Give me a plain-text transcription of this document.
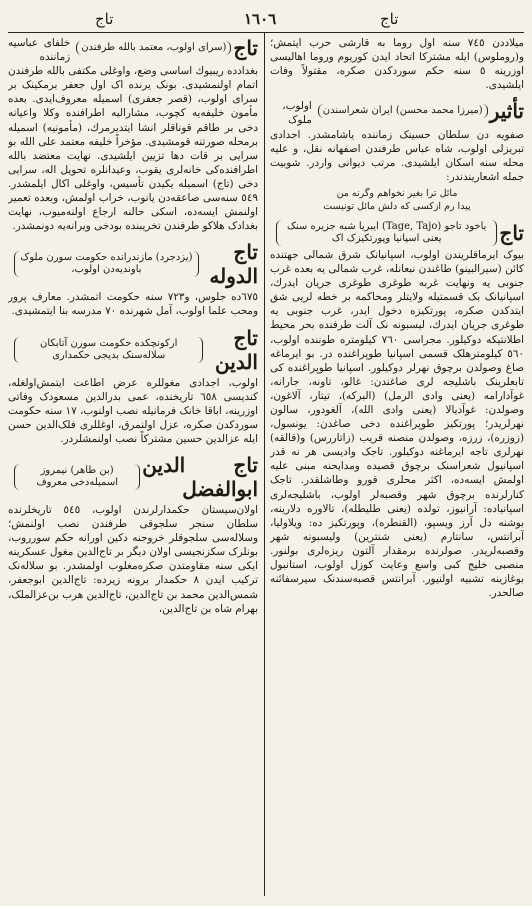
تاج	١٦٠٦	تاج
میلاددن ٧٤٥ سنه اول روما به قارشی حرب ایتمش؛ و(روملوس) ایله مشترکا اتحاد ایدن کوریوم وروما اهالیسی اوزرینه ٥ سنه حکم سوردکدن صکره، مقتولاً وفات ایلشیدی.
تأثیر
(میرزا محمد محسن) ایران شعراسندن
اولوب، ملوک صفویه دن سلطان حسینک زماننده یاشامشدر. اجدادی تبریزلی اولوب، شاه عباس طرفندن اصفهانه نقل، و علیه محله سنه اسکان ایلشیدی. مرتب دیوانی واردر. شوبیت جمله اشعاریندندر:
مائل ترا بغیر نخواهم وگرنه من
پیدا رم ازکسی که دلش مائل تونیست
تاج
یاخود تاجو (Tage, Tajo) ایبریا شبه جزیره سنک یعنی اسپانیا وپورتکیزک اک
بیوک ایرماقلریندن اولوب، اسپانیانک شرق شمالی جهتنده کائن (سیرالبینو) طاغندن نبعانله، غرب شمالی یه بعده غرب جنوبی یه ونهایت غربه طوغری طوغری جریان ایدرك، اسپانیانک بک قسمتیله ولایتلر ومحاکمه بر خطه لریی شق ایتدکدن صکره، پورتکیزه دخول ایدر، غرب جنوبی یه طوغری جریان ایدرك، لیسبونه نک آلت طرفنده بحر محیط اطلانتیکه دوکیلور. مجراسی ٧٦٠ کیلومتره طوننده اولوب، ٥٦٠ کیلومترهلک قسمی اسپانیا طوپراغنده در. بو ایرماغه صاغ وصولدن برچوق نهرلر دوکیلور. اسپانیا طوپراغنده کی تابعلرینک باشلیجه لری صاغندن: غالو، تاونه، جارانه، غوآدارامه (یعنی وادی الرمل) (البرکه)، تیتار، آلاغون، وصولدن: غوآدیالا (یعنی وادی الله)، آلغودور، سالون نهرلریدر؛ پورتکیز طوپراغنده دخی صاغدن: یونسول، (زوزره)، زرزه، وصولدن منصنه قریب (زاتاررس) و(قالقه) نهرلری تاجه ایرماغنه دوکیلور. تاجک وادیسی هر نه قدر اسپانیول شعراسنک برچوق قصیده ومدایحنه مبنی علیه اولمش ایسه‌ده، اکثر محلری قورو وطاشلقدر. تاجک کنارلرنده برچوق شهر وقصبه‌لر اولوب، باشلیجه‌لری اسپانیاده: آرانیوز، تولده (یعنی طلیطله)، تالاوره دلارینه، بوشنه دل آرز ویسپو، (القنطره)، وپورتکیز ده: ویلاولیا، آبرانتس، سانتارم (یعنی شنترین) ولیسبونه شهر وقصبه‌لریدر. صولرنده برمقدار آلتون ریزه‌لری بولنور. منصبی خلیج کبی واسع وعایت کوزل اولوب، استانبول بوغازینه تشبیه اولنیور. آبرانتس قصبه‌سندنک سیرسفائنه صالحدر.
تاج
(سرای اولوب، معتمد بالله طرفندن
خلفای عباسیه زماننده بغدادده ریبیوك اساسی وضع، واوغلی مکتفی بالله طرفندن اتمام اولنمشیدی. بونک یرنده اک اول جعفر برمکینک بر سرای اولوب، (قصر جعفری) اسمیله معروف‌ایدی. بعده مأمون خلیفه‌یه کچوب، مشارالیه اطرافنده وکلا واعیانه دخی بر طاقم قوناقلر انشا ایتدیرمرك، (مأمونیه) اسمیله برمحله صورتنه قومشیدی. مؤخراً خلیفه معتمد علی الله بو سرایی بر قات دها تزیین ایلشیدی. نهایت معتضد بالله اطرافنده‌کی خانه‌لری یقوب، وعیدانلره تحویل اله، سرایی دخی (تاج) اسمیله یکیدن تأسیس، واوغلی اکال ایلمشدر. ٥٤٩ سنه‌سی صاعقه‌دن یانوب، خراب اولمش، وبعده تعمیر اولنمش ایسه‌ده، اسکی حالنه ارجاع اولنه‌میوب، نهایت بغدادک هلاکو طرفندن تخریبنده بودخی ویرانه‌یه دونمشدر.
تاج الدوله
(یزدجرد) مازندرانده حکومت سورن ملوک باوندیه‌دن اولوب،
٦٧٥ده جلوس، و٧٢٣ سنه حکومت اتمشدر. معارف پرور ومحب علما اولوب، آمل شهرنده ٧٠ مدرسه بنا ایتمشیدی.
تاج الدین
ارکونچکده حکومت سورن آتابکان سلاله‌سنک بدیجی حکمداری
اولوب، اجدادی مغوللره عرض اطاعت ایتمش‌اولغله، کندیسی ٦٥٨ تاریخنده، عمی بدرالدین مسعودک وفاتی اوزرینه، اباقا خانک فرمانیله نصب اولنوب، ١٧ سنه حکومت سوردکدن صکره، عزل اولنمرق، اوغللری فلک‌الدین حسن ایله عزالدین حسین مشترکاً نصب اولنمشلردر.
تاج الدین ابوالفضل
(بن طاهر) نیمروز اسمیله‌دخی معروف
اولان‌سیستان حکمدارلرندن اولوب، ٥٤٥ تاریخلرنده سلطان سنجر سلجوقی طرفندن نصب اولنمش؛ وسلاله‌سی سلجوقلر خروجنه دکین اورانه حکم سورروب، بونلرک سکزنجیسی اولان دیگر بر تاج‌الدین مغول عسکرینه ایکی سنه مقاومتدن صکره‌مغلوب اولمشدر. بو سلاله‌نک ترکیب ایدن ٨ حکمدار برونه زیرده: تاج‌الدین ابوجعفر، شمس‌الدین محمد بن تاج‌الدین، تاج‌الدین هرب بن‌عزالملک، بهرام شاه بن تاج‌الدین،
